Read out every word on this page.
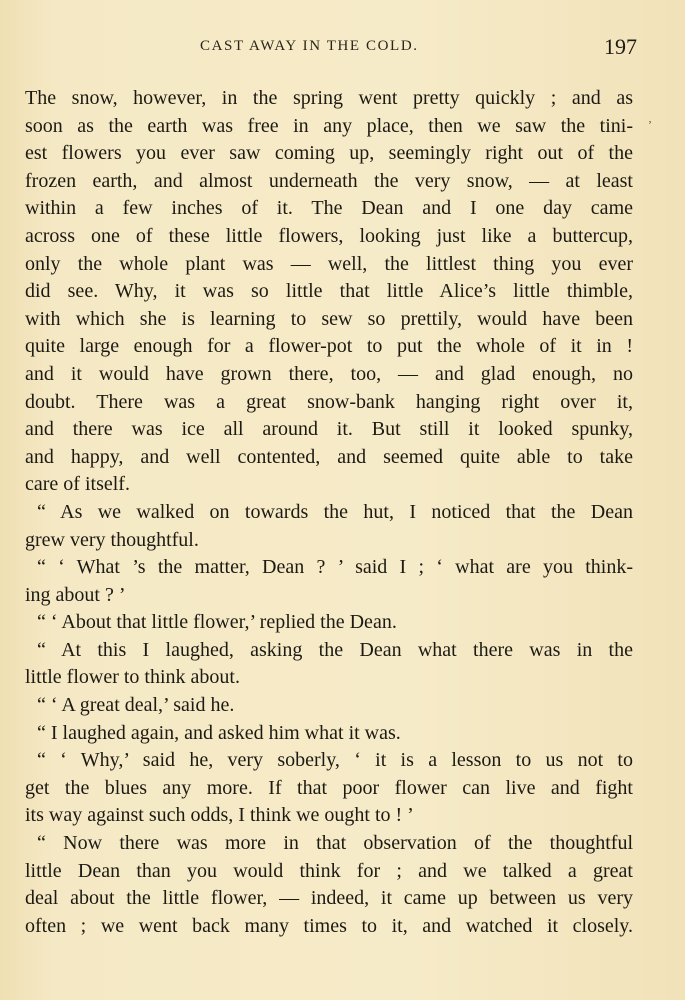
CAST AWAY IN THE COLD.	197
ʼ
The snow, however, in the spring went pretty quickly ; and as
soon as the earth was free in any place, then we saw the tini-
est flowers you ever saw coming up, seemingly right out of the
frozen earth, and almost underneath the very snow, — at least
within a few inches of it. The Dean and I one day came
across one of these little flowers, looking just like a buttercup,
only the whole plant was — well, the littlest thing you ever
did see. Why, it was so little that little Alice’s little thimble,
with which she is learning to sew so prettily, would have been
quite large enough for a flower-pot to put the whole of it in !
and it would have grown there, too, — and glad enough, no
doubt. There was a great snow-bank hanging right over it,
and there was ice all around it. But still it looked spunky,
and happy, and well contented, and seemed quite able to take
care of itself.
“ As we walked on towards the hut, I noticed that the Dean
grew very thoughtful.
“ ‘ What ’s the matter, Dean ? ’ said I ; ‘ what are you think-
ing about ? ’
“ ‘ About that little flower,’ replied the Dean.
“ At this I laughed, asking the Dean what there was in the
little flower to think about.
“ ‘ A great deal,’ said he.
“ I laughed again, and asked him what it was.
“ ‘ Why,’ said he, very soberly, ‘ it is a lesson to us not to
get the blues any more. If that poor flower can live and fight
its way against such odds, I think we ought to ! ’
“ Now there was more in that observation of the thoughtful
little Dean than you would think for ; and we talked a great
deal about the little flower, — indeed, it came up between us very
often ; we went back many times to it, and watched it closely.
